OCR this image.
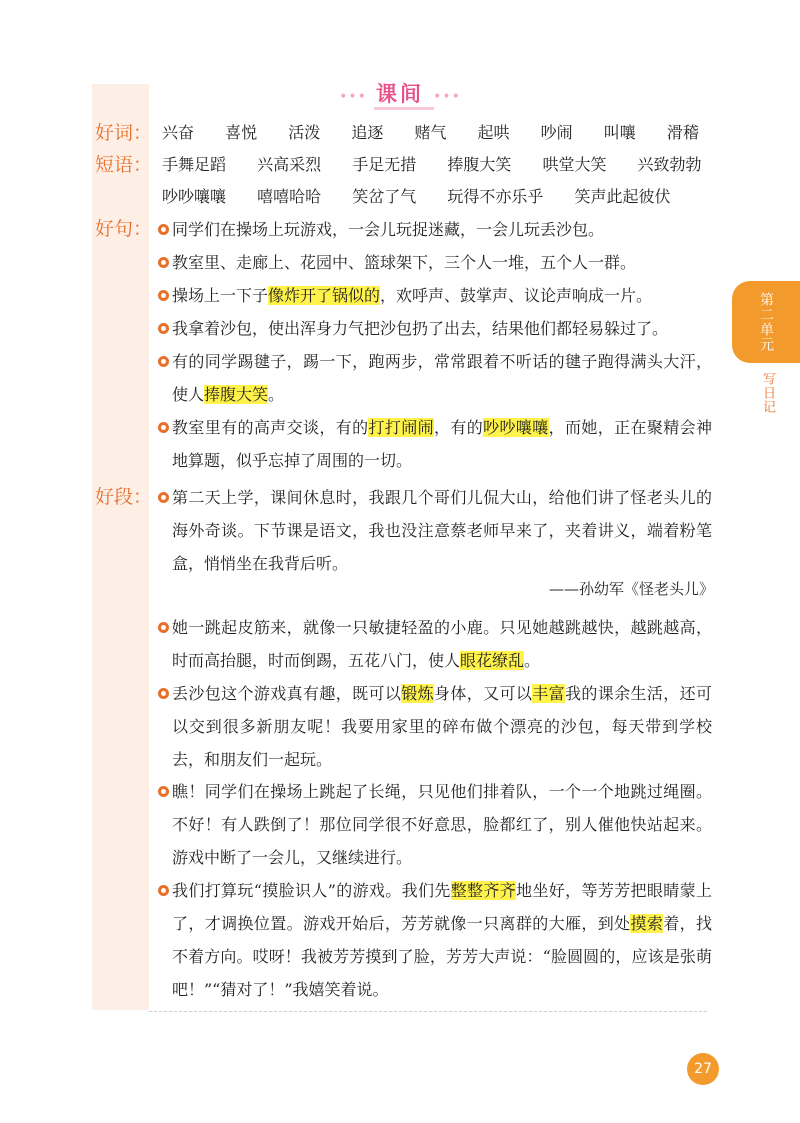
••• 课间 •••
好词： 兴奋 喜悦 活泼 追逐 赌气 起哄 吵闹 叫嚷 滑稽
短语： 手舞足蹈 兴高采烈 手足无措 捧腹大笑 哄堂大笑 兴致勃勃
吵吵嚷嚷 嘻嘻哈哈 笑岔了气 玩得不亦乐乎 笑声此起彼伏
好句：	同学们在操场上玩游戏，一会儿玩捉迷藏，一会儿玩丢沙包。
教室里、走廊上、花园中、篮球架下，三个人一堆，五个人一群。
操场上一下子像炸开了锅似的，欢呼声、鼓掌声、议论声响成一片。
我拿着沙包，使出浑身力气把沙包扔了出去，结果他们都轻易躲过了。
有的同学踢毽子，踢一下，跑两步，常常跟着不听话的毽子跑得满头大汗，使人捧腹大笑。
教室里有的高声交谈，有的打打闹闹，有的吵吵嚷嚷，而她，正在聚精会神地算题，似乎忘掉了周围的一切。
好段：	第二天上学，课间休息时，我跟几个哥们儿侃大山，给他们讲了怪老头儿的海外奇谈。下节课是语文，我也没注意蔡老师早来了，夹着讲义，端着粉笔盒，悄悄坐在我背后听。
——孙幼军《怪老头儿》
她一跳起皮筋来，就像一只敏捷轻盈的小鹿。只见她越跳越快，越跳越高，时而高抬腿，时而倒踢，五花八门，使人眼花缭乱。
丢沙包这个游戏真有趣，既可以锻炼身体，又可以丰富我的课余生活，还可以交到很多新朋友呢！我要用家里的碎布做个漂亮的沙包，每天带到学校去，和朋友们一起玩。
瞧！同学们在操场上跳起了长绳，只见他们排着队，一个一个地跳过绳圈。不好！有人跌倒了！那位同学很不好意思，脸都红了，别人催他快站起来。游戏中断了一会儿，又继续进行。
我们打算玩“摸脸识人”的游戏。我们先整整齐齐地坐好，等芳芳把眼睛蒙上了，才调换位置。游戏开始后，芳芳就像一只离群的大雁，到处摸索着，找不着方向。哎呀！我被芳芳摸到了脸，芳芳大声说：“脸圆圆的，应该是张萌吧！”“猜对了！”我嬉笑着说。
第二单元
写日记
27
